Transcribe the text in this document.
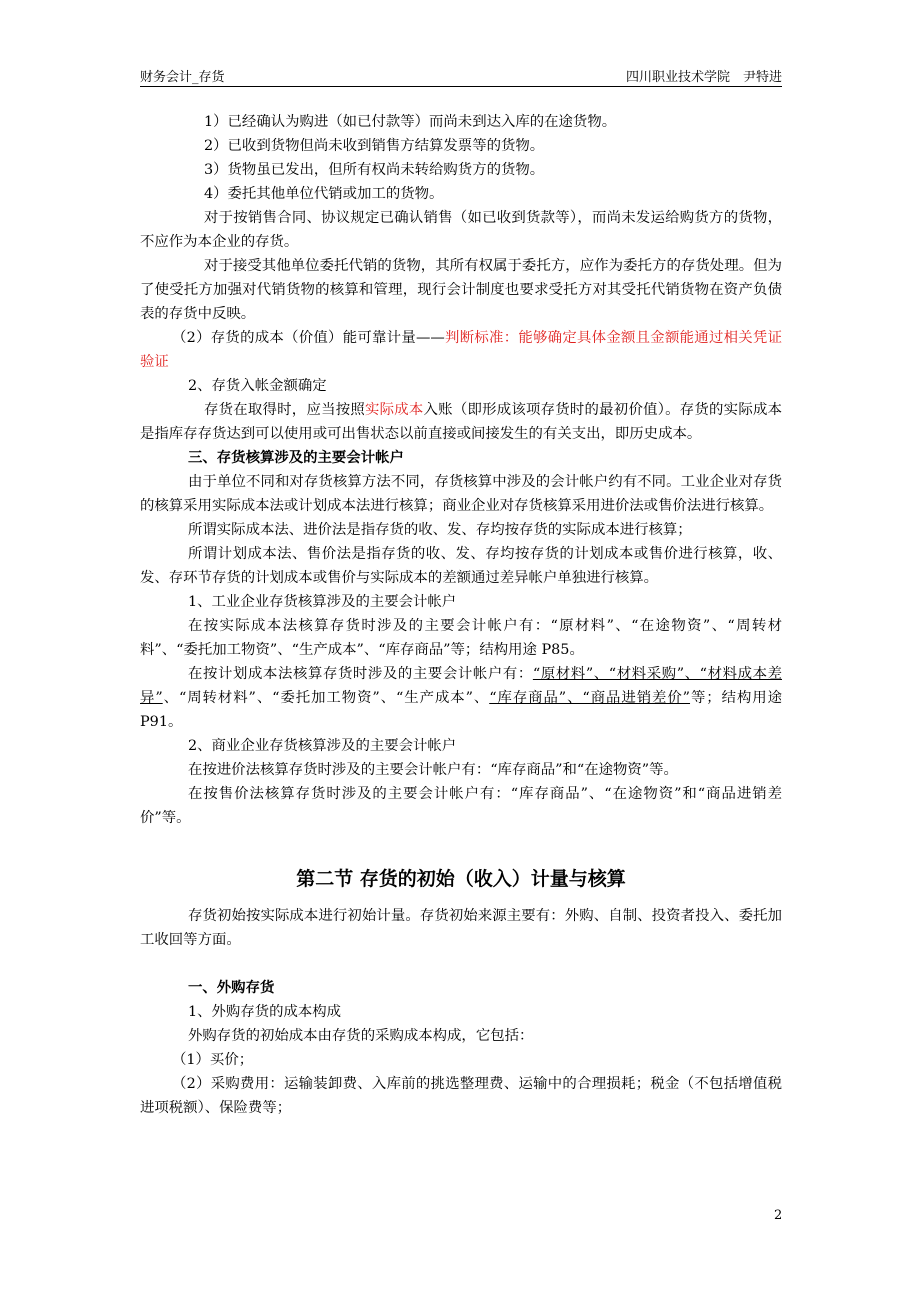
财务会计_存货	四川职业技术学院　尹特进

1）已经确认为购进（如已付款等）而尚未到达入库的在途货物。

2）已收到货物但尚未收到销售方结算发票等的货物。

3）货物虽已发出，但所有权尚未转给购货方的货物。

4）委托其他单位代销或加工的货物。

对于按销售合同、协议规定已确认销售（如已收到货款等），而尚未发运给购货方的货物，不应作为本企业的存货。

对于接受其他单位委托代销的货物，其所有权属于委托方，应作为委托方的存货处理。但为了使受托方加强对代销货物的核算和管理，现行会计制度也要求受托方对其受托代销货物在资产负债表的存货中反映。

（2）存货的成本（价值）能可靠计量——判断标准：能够确定具体金额且金额能通过相关凭证验证

2、存货入帐金额确定

存货在取得时，应当按照实际成本入账（即形成该项存货时的最初价值）。存货的实际成本是指库存存货达到可以使用或可出售状态以前直接或间接发生的有关支出，即历史成本。

三、存货核算涉及的主要会计帐户

由于单位不同和对存货核算方法不同，存货核算中涉及的会计帐户约有不同。工业企业对存货的核算采用实际成本法或计划成本法进行核算；商业企业对存货核算采用进价法或售价法进行核算。

所谓实际成本法、进价法是指存货的收、发、存均按存货的实际成本进行核算；

所谓计划成本法、售价法是指存货的收、发、存均按存货的计划成本或售价进行核算，收、发、存环节存货的计划成本或售价与实际成本的差额通过差异帐户单独进行核算。

1、工业企业存货核算涉及的主要会计帐户

在按实际成本法核算存货时涉及的主要会计帐户有：“原材料”、“在途物资”、“周转材料”、“委托加工物资”、“生产成本”、“库存商品”等；结构用途 P85。

在按计划成本法核算存货时涉及的主要会计帐户有：“原材料”、“材料采购”、“材料成本差异”、“周转材料”、“委托加工物资”、“生产成本”、“库存商品”、“商品进销差价”等；结构用途 P91。

2、商业企业存货核算涉及的主要会计帐户

在按进价法核算存货时涉及的主要会计帐户有：“库存商品”和“在途物资”等。

在按售价法核算存货时涉及的主要会计帐户有：“库存商品”、“在途物资”和“商品进销差价”等。

第二节 存货的初始（收入）计量与核算

存货初始按实际成本进行初始计量。存货初始来源主要有：外购、自制、投资者投入、委托加工收回等方面。

一、外购存货

1、外购存货的成本构成

外购存货的初始成本由存货的采购成本构成，它包括：

（1）买价；

（2）采购费用：运输装卸费、入库前的挑选整理费、运输中的合理损耗；税金（不包括增值税进项税额）、保险费等；

2
